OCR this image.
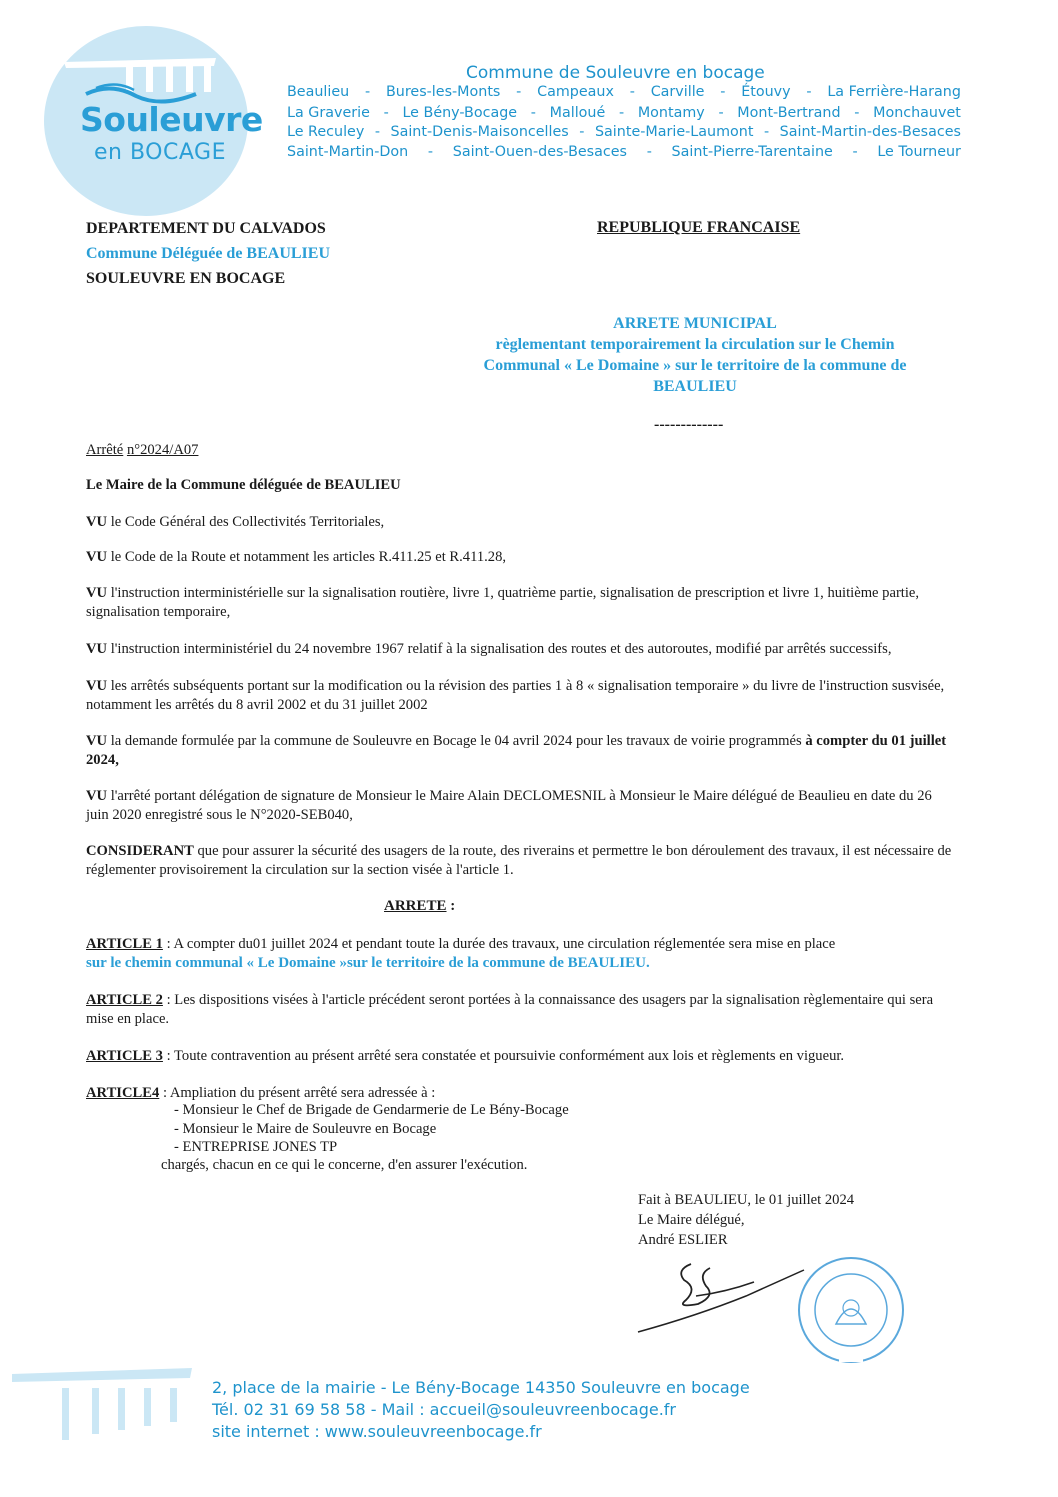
Souleuvre
en BOCAGE
Commune de Souleuvre en bocage
Beaulieu - Bures-les-Monts - Campeaux - Carville - Étouvy - La Ferrière-Harang
La Graverie - Le Bény-Bocage - Malloué - Montamy - Mont-Bertrand - Monchauvet
Le Reculey - Saint-Denis-Maisoncelles - Sainte-Marie-Laumont - Saint-Martin-des-Besaces
Saint-Martin-Don - Saint-Ouen-des-Besaces - Saint-Pierre-Tarentaine - Le Tourneur
DEPARTEMENT DU CALVADOS
Commune Déléguée de BEAULIEU
SOULEUVRE EN BOCAGE
REPUBLIQUE FRANCAISE
ARRETE MUNICIPAL
règlementant temporairement la circulation sur le Chemin
Communal « Le Domaine » sur le territoire de la commune de
BEAULIEU
-------------
Arrêté n°2024/A07
Le Maire de la Commune déléguée de BEAULIEU
VU le Code Général des Collectivités Territoriales,
VU le Code de la Route et notamment les articles R.411.25 et R.411.28,
VU l'instruction interministérielle sur la signalisation routière, livre 1, quatrième partie, signalisation de prescription et livre 1, huitième partie, signalisation temporaire,
VU l'instruction interministériel du 24 novembre 1967 relatif à la signalisation des routes et des autoroutes, modifié par arrêtés successifs,
VU les arrêtés subséquents portant sur la modification ou la révision des parties 1 à 8 « signalisation temporaire » du livre de l'instruction susvisée, notamment les arrêtés du 8 avril 2002 et du 31 juillet 2002
VU la demande formulée par la commune de Souleuvre en Bocage le 04 avril 2024 pour les travaux de voirie programmés à compter du 01 juillet 2024,
VU l'arrêté portant délégation de signature de Monsieur le Maire Alain DECLOMESNIL à Monsieur le Maire délégué de Beaulieu en date du 26 juin 2020 enregistré sous le N°2020-SEB040,
CONSIDERANT que pour assurer la sécurité des usagers de la route, des riverains et permettre le bon déroulement des travaux, il est nécessaire de réglementer provisoirement la circulation sur la section visée à l'article 1.
ARRETE :
ARTICLE 1 : A compter du01 juillet 2024 et pendant toute la durée des travaux, une circulation réglementée sera mise en place
sur le chemin communal « Le Domaine »sur le territoire de la commune de BEAULIEU.
ARTICLE 2 : Les dispositions visées à l'article précédent seront portées à la connaissance des usagers par la signalisation règlementaire qui sera mise en place.
ARTICLE 3 : Toute contravention au présent arrêté sera constatée et poursuivie conformément aux lois et règlements en vigueur.
ARTICLE4 : Ampliation du présent arrêté sera adressée à :
- Monsieur le Chef de Brigade de Gendarmerie de Le Bény-Bocage
- Monsieur le Maire de Souleuvre en Bocage
- ENTREPRISE JONES TP
chargés, chacun en ce qui le concerne, d'en assurer l'exécution.
Fait à BEAULIEU, le 01 juillet 2024
Le Maire délégué,
André ESLIER
2, place de la mairie - Le Bény-Bocage 14350 Souleuvre en bocage
Tél. 02 31 69 58 58 - Mail : accueil@souleuvreenbocage.fr
site internet : www.souleuvreenbocage.fr
